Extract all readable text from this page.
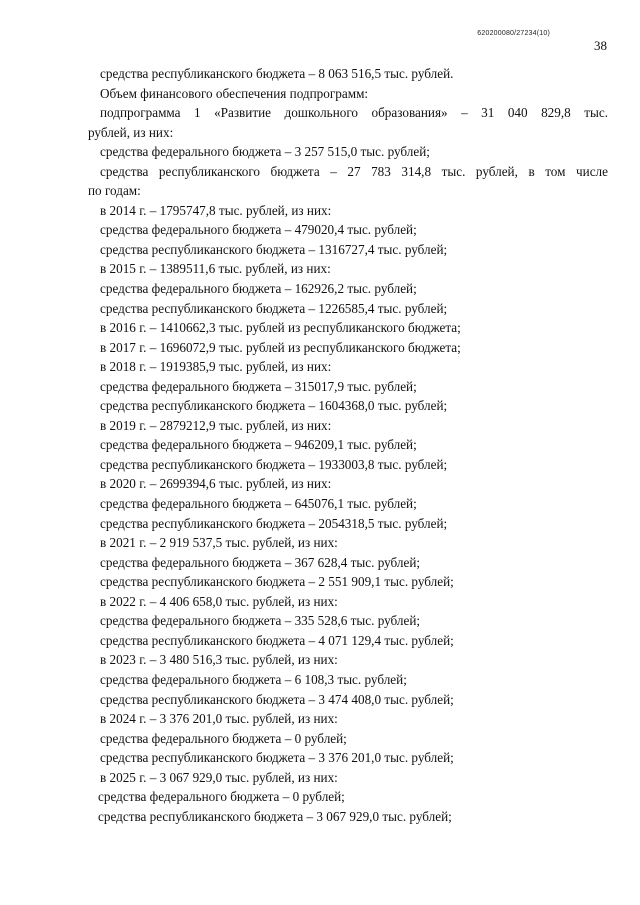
620200080/27234(10)
38
средства республиканского бюджета – 8 063 516,5 тыс. рублей.
Объем финансового обеспечения подпрограмм:
подпрограмма 1 «Развитие дошкольного образования» – 31 040 829,8 тыс.
рублей, из них:
средства федерального бюджета – 3 257 515,0 тыс. рублей;
средства республиканского бюджета – 27 783 314,8 тыс. рублей, в том числе
по годам:
в 2014 г. – 1795747,8 тыс. рублей, из них:
средства федерального бюджета – 479020,4 тыс. рублей;
средства республиканского бюджета – 1316727,4 тыс. рублей;
в 2015 г. – 1389511,6 тыс. рублей, из них:
средства федерального бюджета – 162926,2 тыс. рублей;
средства республиканского бюджета – 1226585,4 тыс. рублей;
в 2016 г. – 1410662,3 тыс. рублей из республиканского бюджета;
в 2017 г. – 1696072,9 тыс. рублей из республиканского бюджета;
в 2018 г. – 1919385,9 тыс. рублей, из них:
средства федерального бюджета – 315017,9 тыс. рублей;
средства республиканского бюджета – 1604368,0 тыс. рублей;
в 2019 г. – 2879212,9 тыс. рублей, из них:
средства федерального бюджета – 946209,1 тыс. рублей;
средства республиканского бюджета – 1933003,8 тыс. рублей;
в 2020 г. – 2699394,6 тыс. рублей, из них:
средства федерального бюджета – 645076,1 тыс. рублей;
средства республиканского бюджета – 2054318,5 тыс. рублей;
в 2021 г. – 2 919 537,5 тыс. рублей, из них:
средства федерального бюджета – 367 628,4 тыс. рублей;
средства республиканского бюджета – 2 551 909,1 тыс. рублей;
в 2022 г. – 4 406 658,0 тыс. рублей, из них:
средства федерального бюджета – 335 528,6 тыс. рублей;
средства республиканского бюджета – 4 071 129,4 тыс. рублей;
в 2023 г. – 3 480 516,3 тыс. рублей, из них:
средства федерального бюджета – 6 108,3 тыс. рублей;
средства республиканского бюджета – 3 474 408,0 тыс. рублей;
в 2024 г. – 3 376 201,0 тыс. рублей, из них:
средства федерального бюджета – 0 рублей;
средства республиканского бюджета – 3 376 201,0 тыс. рублей;
в 2025 г. – 3 067 929,0 тыс. рублей, из них:
средства федерального бюджета – 0 рублей;
средства республиканского бюджета – 3 067 929,0 тыс. рублей;
